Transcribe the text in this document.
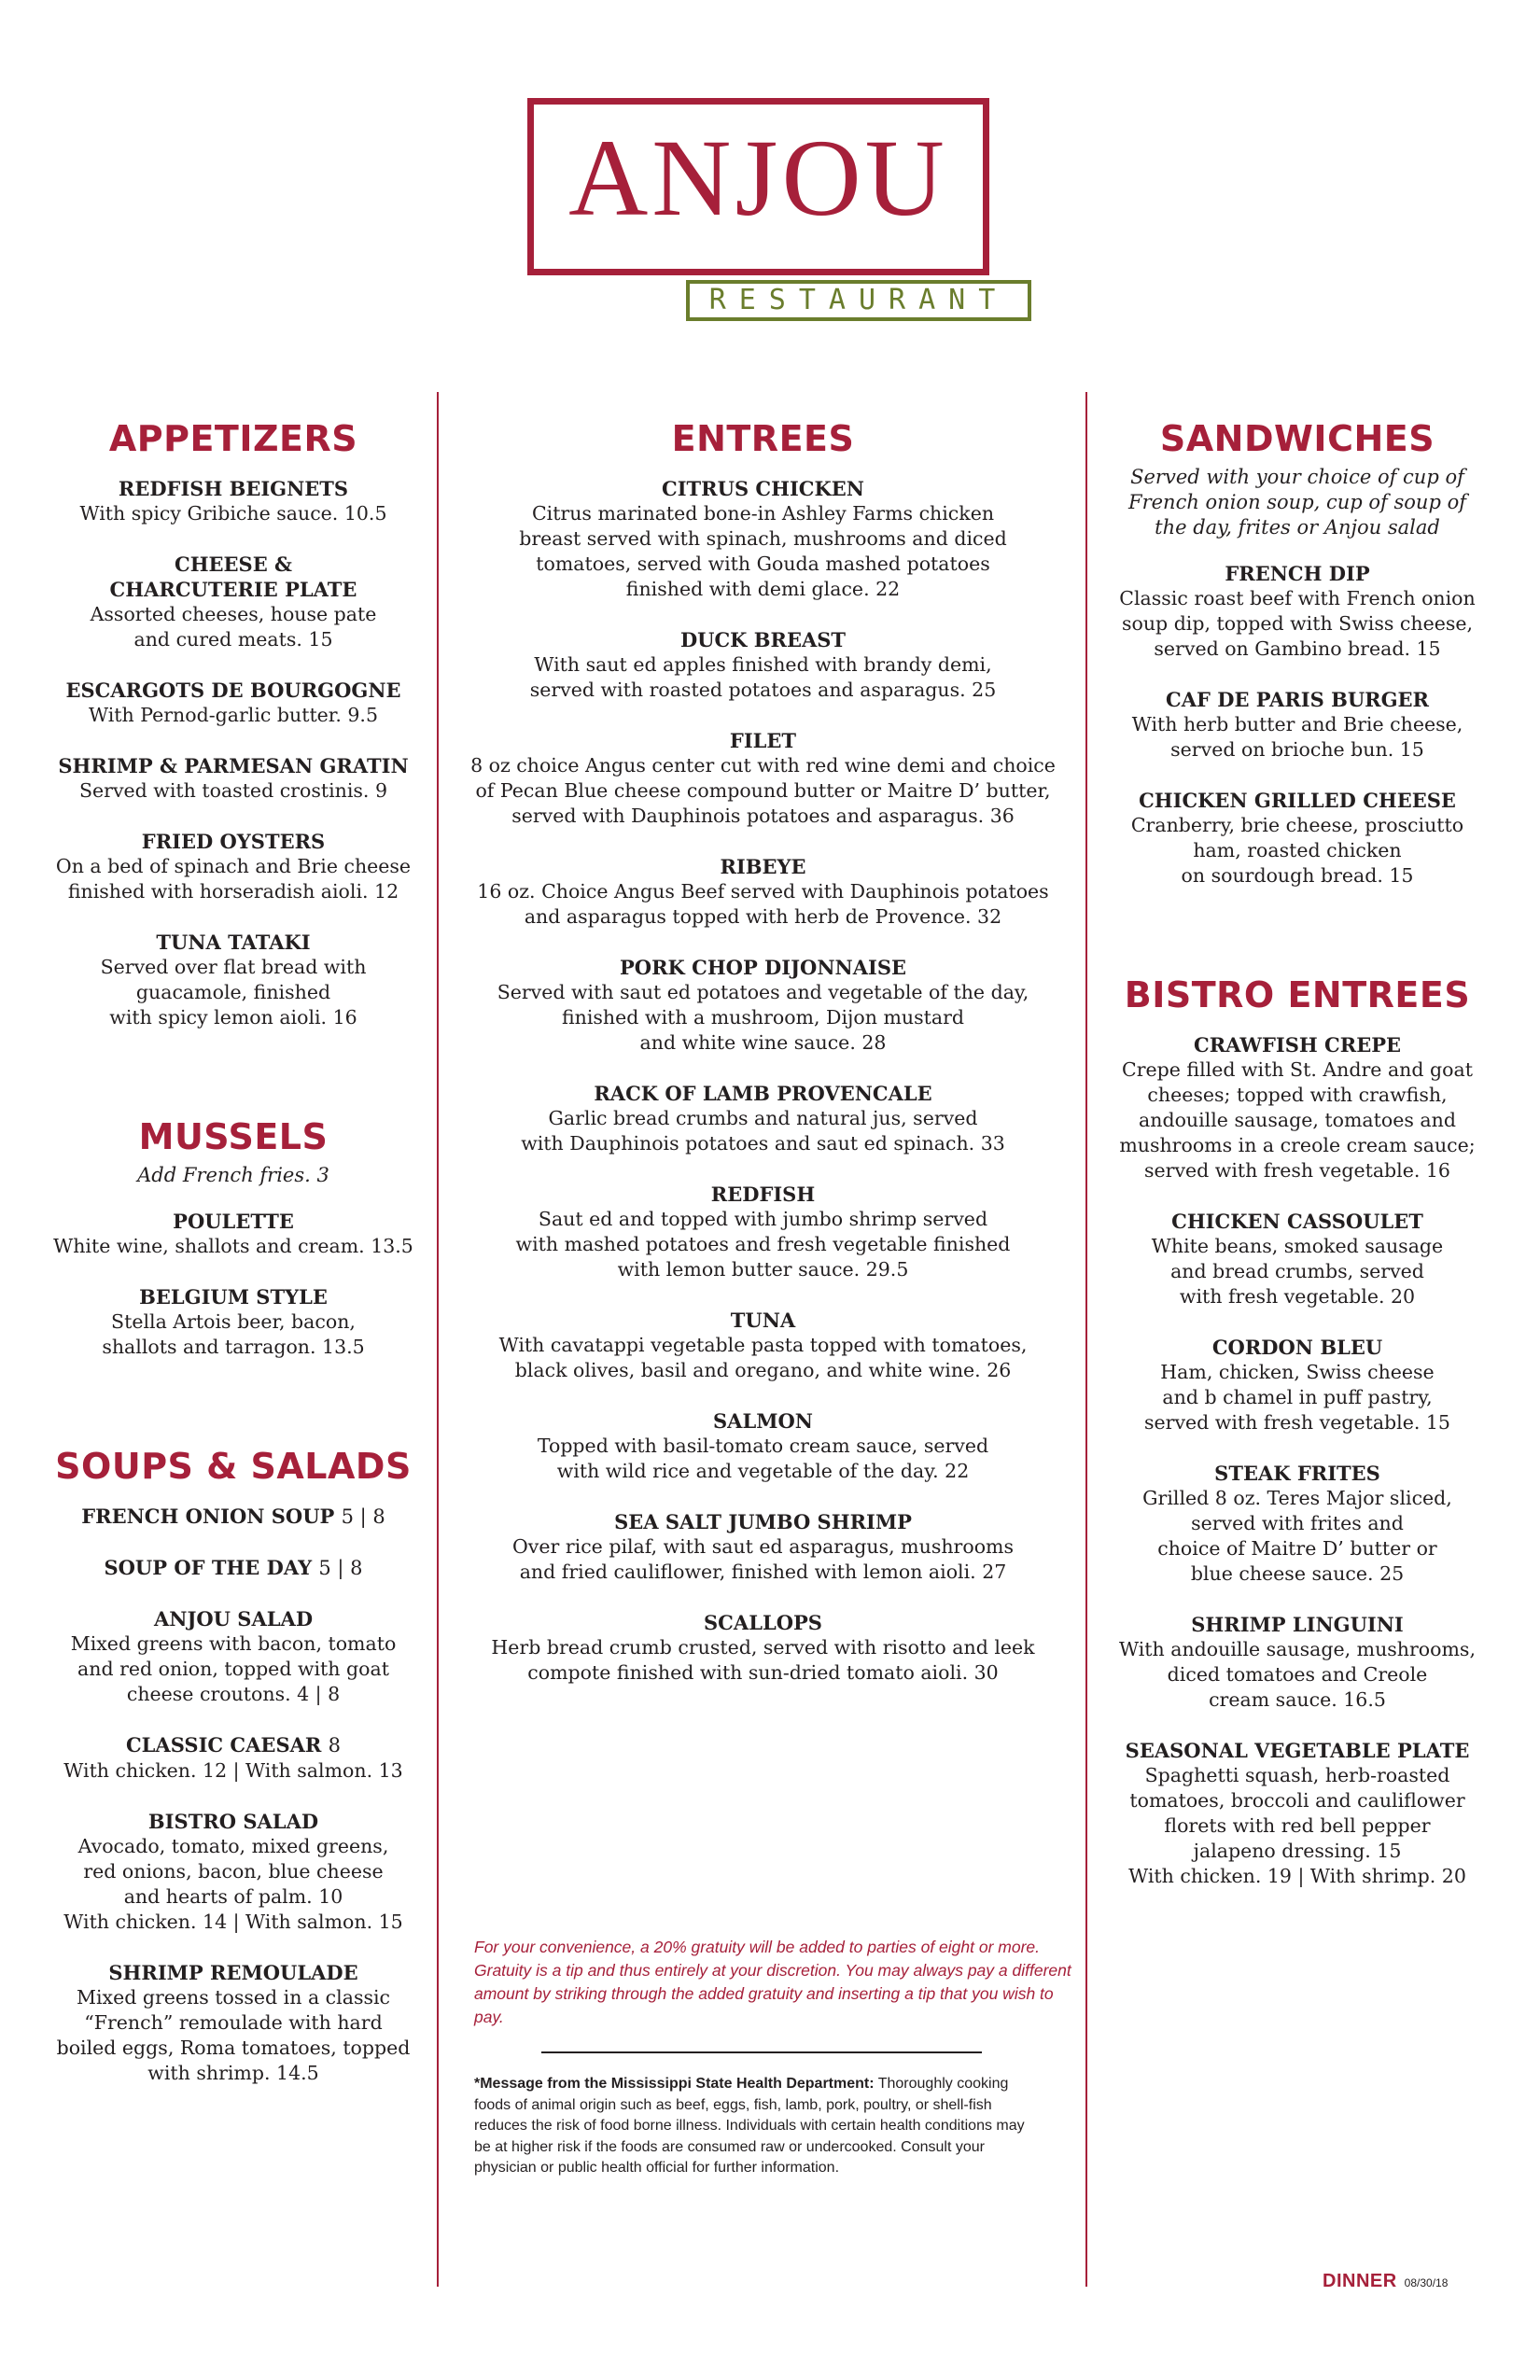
ANJOU
RESTAURANT
APPETIZERS
REDFISH BEIGNETS
With spicy Gribiche sauce. 10.5
CHEESE &
CHARCUTERIE PLATE
Assorted cheeses, house pate
and cured meats. 15
ESCARGOTS DE BOURGOGNE
With Pernod-garlic butter. 9.5
SHRIMP & PARMESAN GRATIN
Served with toasted crostinis. 9
FRIED OYSTERS
On a bed of spinach and Brie cheese
finished with horseradish aioli. 12
TUNA TATAKI
Served over flat bread with
guacamole, finished
with spicy lemon aioli. 16
MUSSELS
Add French fries. 3
POULETTE
White wine, shallots and cream. 13.5
BELGIUM STYLE
Stella Artois beer, bacon,
shallots and tarragon. 13.5
SOUPS & SALADS
FRENCH ONION SOUP 5 | 8
SOUP OF THE DAY 5 | 8
ANJOU SALAD
Mixed greens with bacon, tomato
and red onion, topped with goat
cheese croutons. 4 | 8
CLASSIC CAESAR 8
With chicken. 12 | With salmon. 13
BISTRO SALAD
Avocado, tomato, mixed greens,
red onions, bacon, blue cheese
and hearts of palm. 10
With chicken. 14 | With salmon. 15
SHRIMP REMOULADE
Mixed greens tossed in a classic
“French” remoulade with hard
boiled eggs, Roma tomatoes, topped
with shrimp. 14.5
ENTREES
CITRUS CHICKEN
Citrus marinated bone-in Ashley Farms chicken
breast served with spinach, mushrooms and diced
tomatoes, served with Gouda mashed potatoes
finished with demi glace. 22
DUCK BREAST
With saut ed apples finished with brandy demi,
served with roasted potatoes and asparagus. 25
FILET
8 oz choice Angus center cut with red wine demi and choice
of Pecan Blue cheese compound butter or Maitre D’ butter,
served with Dauphinois potatoes and asparagus. 36
RIBEYE
16 oz. Choice Angus Beef served with Dauphinois potatoes
and asparagus topped with herb de Provence. 32
PORK CHOP DIJONNAISE
Served with saut ed potatoes and vegetable of the day,
finished with a mushroom, Dijon mustard
and white wine sauce. 28
RACK OF LAMB PROVENCALE
Garlic bread crumbs and natural jus, served
with Dauphinois potatoes and saut ed spinach. 33
REDFISH
Saut ed and topped with jumbo shrimp served
with mashed potatoes and fresh vegetable finished
with lemon butter sauce. 29.5
TUNA
With cavatappi vegetable pasta topped with tomatoes,
black olives, basil and oregano, and white wine. 26
SALMON
Topped with basil-tomato cream sauce, served
with wild rice and vegetable of the day. 22
SEA SALT JUMBO SHRIMP
Over rice pilaf, with saut ed asparagus, mushrooms
and fried cauliflower, finished with lemon aioli. 27
SCALLOPS
Herb bread crumb crusted, served with risotto and leek
compote finished with sun-dried tomato aioli. 30
For your convenience, a 20% gratuity will be added to parties of eight or more. Gratuity is a tip and thus entirely at your discretion. You may always pay a different amount by striking through the added gratuity and inserting a tip that you wish to pay.
*Message from the Mississippi State Health Department: Thoroughly cooking foods of animal origin such as beef, eggs, fish, lamb, pork, poultry, or shell-fish reduces the risk of food borne illness. Individuals with certain health conditions may be at higher risk if the foods are consumed raw or undercooked. Consult your physician or public health official for further information.
SANDWICHES
Served with your choice of cup of
French onion soup, cup of soup of
the day, frites or Anjou salad
FRENCH DIP
Classic roast beef with French onion
soup dip, topped with Swiss cheese,
served on Gambino bread. 15
CAF DE PARIS BURGER
With herb butter and Brie cheese,
served on brioche bun. 15
CHICKEN GRILLED CHEESE
Cranberry, brie cheese, prosciutto
ham, roasted chicken
on sourdough bread. 15
BISTRO ENTREES
CRAWFISH CREPE
Crepe filled with St. Andre and goat
cheeses; topped with crawfish,
andouille sausage, tomatoes and
mushrooms in a creole cream sauce;
served with fresh vegetable. 16
CHICKEN CASSOULET
White beans, smoked sausage
and bread crumbs, served
with fresh vegetable. 20
CORDON BLEU
Ham, chicken, Swiss cheese
and b chamel in puff pastry,
served with fresh vegetable. 15
STEAK FRITES
Grilled 8 oz. Teres Major sliced,
served with frites and
choice of Maitre D’ butter or
blue cheese sauce. 25
SHRIMP LINGUINI
With andouille sausage, mushrooms,
diced tomatoes and Creole
cream sauce. 16.5
SEASONAL VEGETABLE PLATE
Spaghetti squash, herb-roasted
tomatoes, broccoli and cauliflower
florets with red bell pepper
jalapeno dressing. 15
With chicken. 19 | With shrimp. 20
DINNER 08/30/18
